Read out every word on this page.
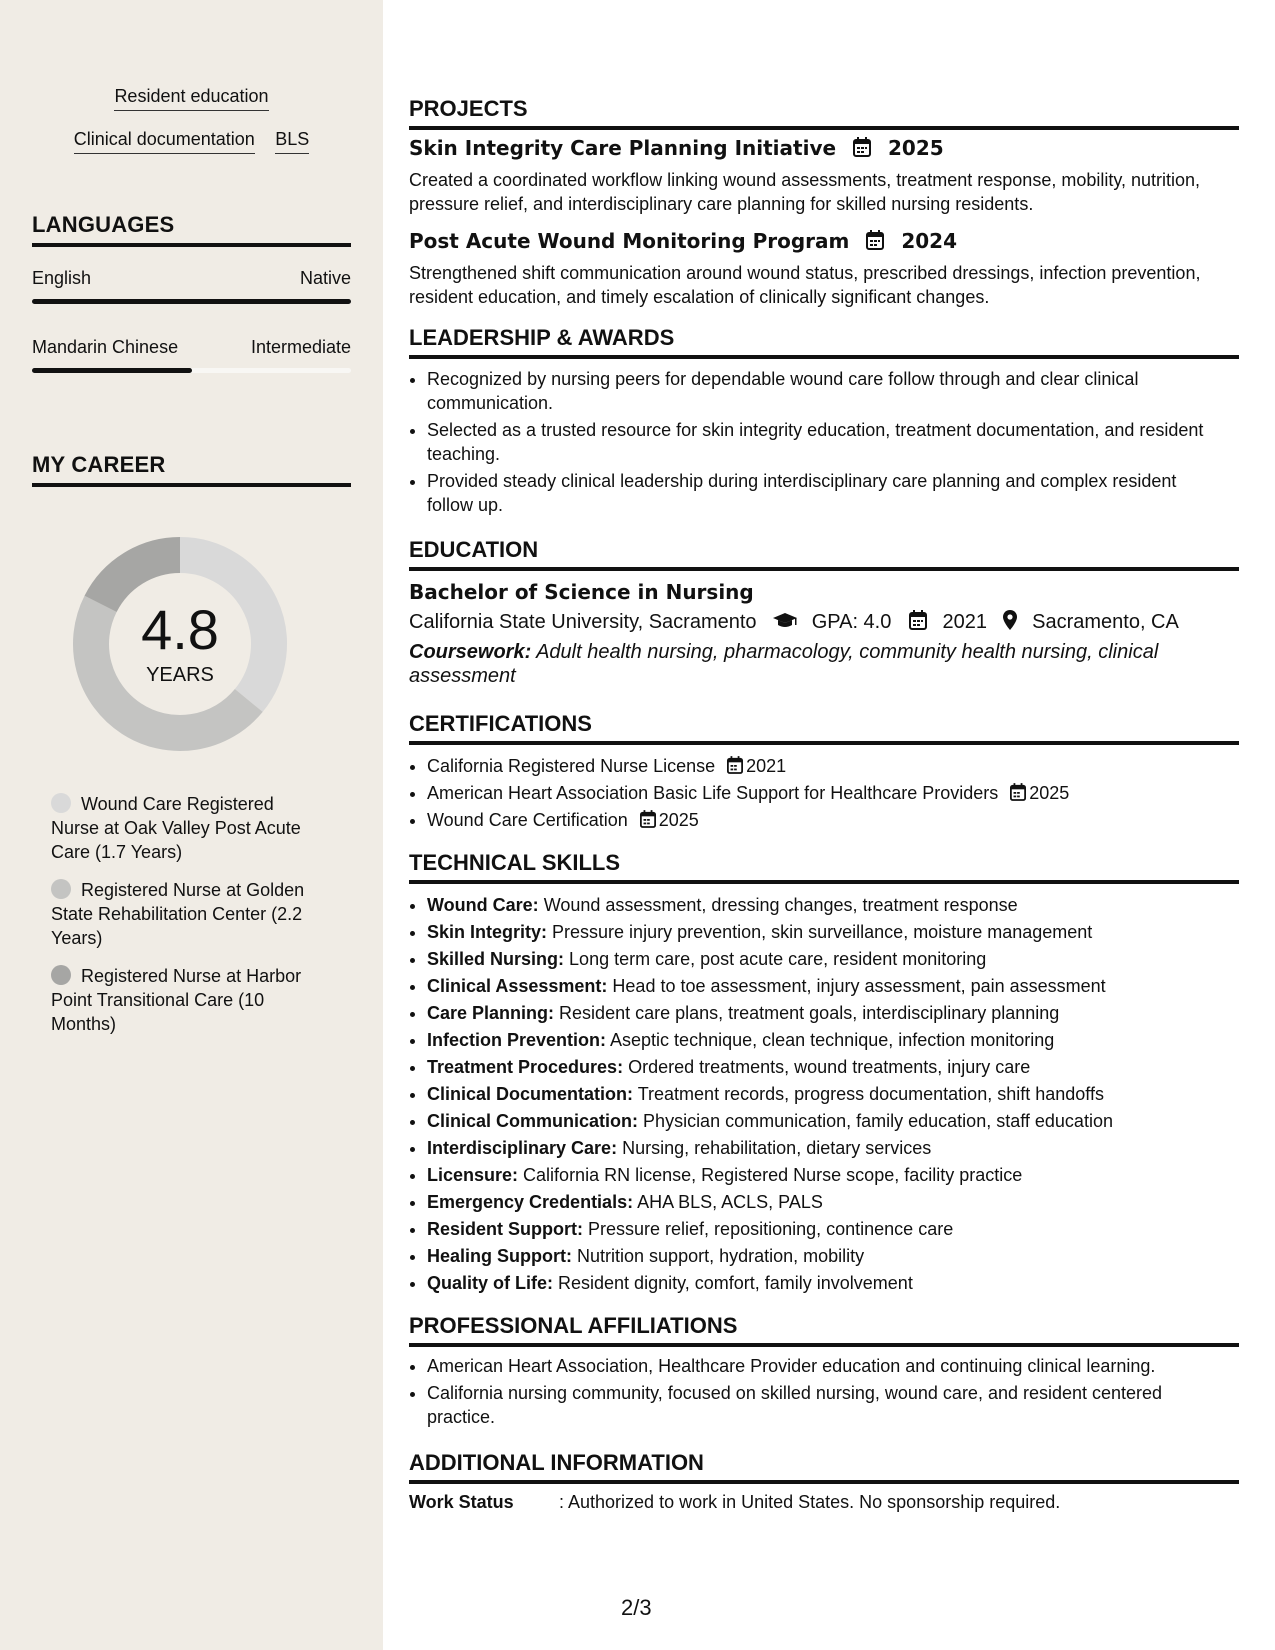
Resident education
Clinical documentation BLS
LANGUAGES
English	Native
Mandarin Chinese	Intermediate
MY CAREER
4.8
YEARS
Wound Care Registered Nurse at Oak Valley Post Acute Care (1.7 Years)
Registered Nurse at Golden State Rehabilitation Center (2.2 Years)
Registered Nurse at Harbor Point Transitional Care (10 Months)
PROJECTS
Skin Integrity Care Planning Initiative	2025
Created a coordinated workflow linking wound assessments, treatment response, mobility, nutrition, pressure relief, and interdisciplinary care planning for skilled nursing residents.
Post Acute Wound Monitoring Program	2024
Strengthened shift communication around wound status, prescribed dressings, infection prevention, resident education, and timely escalation of clinically significant changes.
LEADERSHIP & AWARDS
• Recognized by nursing peers for dependable wound care follow through and clear clinical communication.
• Selected as a trusted resource for skin integrity education, treatment documentation, and resident teaching.
• Provided steady clinical leadership during interdisciplinary care planning and complex resident follow up.
EDUCATION
Bachelor of Science in Nursing
California State University, Sacramento	GPA: 4.0	2021 Sacramento, CA
Coursework: Adult health nursing, pharmacology, community health nursing, clinical assessment
CERTIFICATIONS
• California Registered Nurse License 2021
• American Heart Association Basic Life Support for Healthcare Providers 2025
• Wound Care Certification 2025
TECHNICAL SKILLS
• Wound Care: Wound assessment, dressing changes, treatment response
• Skin Integrity: Pressure injury prevention, skin surveillance, moisture management
• Skilled Nursing: Long term care, post acute care, resident monitoring
• Clinical Assessment: Head to toe assessment, injury assessment, pain assessment
• Care Planning: Resident care plans, treatment goals, interdisciplinary planning
• Infection Prevention: Aseptic technique, clean technique, infection monitoring
• Treatment Procedures: Ordered treatments, wound treatments, injury care
• Clinical Documentation: Treatment records, progress documentation, shift handoffs
• Clinical Communication: Physician communication, family education, staff education
• Interdisciplinary Care: Nursing, rehabilitation, dietary services
• Licensure: California RN license, Registered Nurse scope, facility practice
• Emergency Credentials: AHA BLS, ACLS, PALS
• Resident Support: Pressure relief, repositioning, continence care
• Healing Support: Nutrition support, hydration, mobility
• Quality of Life: Resident dignity, comfort, family involvement
PROFESSIONAL AFFILIATIONS
• American Heart Association, Healthcare Provider education and continuing clinical learning.
• California nursing community, focused on skilled nursing, wound care, and resident centered practice.
ADDITIONAL INFORMATION
Work Status	: Authorized to work in United States. No sponsorship required.
2/3
